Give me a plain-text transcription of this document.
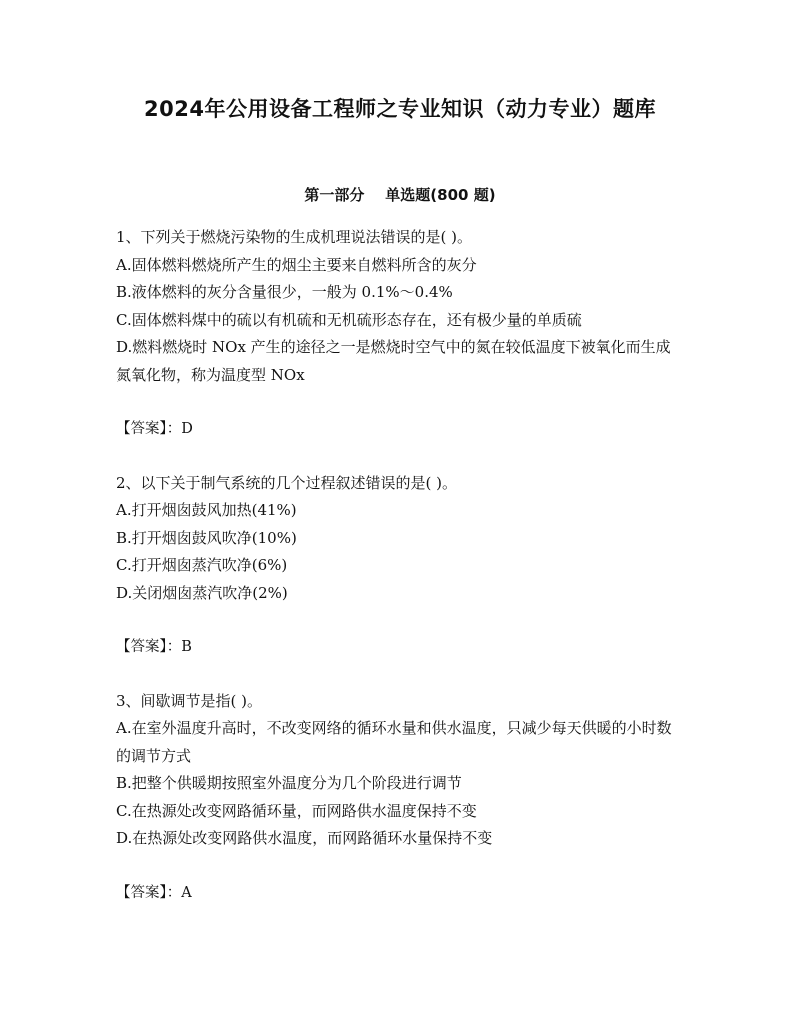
2024年公用设备工程师之专业知识（动力专业）题库
第一部分    单选题(800 题)

1、下列关于燃烧污染物的生成机理说法错误的是( )。

A.固体燃料燃烧所产生的烟尘主要来自燃料所含的灰分

B.液体燃料的灰分含量很少，一般为 0.1%～0.4%

C.固体燃料煤中的硫以有机硫和无机硫形态存在，还有极少量的单质硫

D.燃料燃烧时 NOx 产生的途径之一是燃烧时空气中的氮在较低温度下被氧化而生成氮氧化物，称为温度型 NOx

【答案】：D

2、以下关于制气系统的几个过程叙述错误的是( )。

A.打开烟囱鼓风加热(41%)

B.打开烟囱鼓风吹净(10%)

C.打开烟囱蒸汽吹净(6%)

D.关闭烟囱蒸汽吹净(2%)

【答案】：B

3、间歇调节是指( )。

A.在室外温度升高时，不改变网络的循环水量和供水温度，只减少每天供暖的小时数的调节方式

B.把整个供暖期按照室外温度分为几个阶段进行调节

C.在热源处改变网路循环量，而网路供水温度保持不变

D.在热源处改变网路供水温度，而网路循环水量保持不变

【答案】：A
